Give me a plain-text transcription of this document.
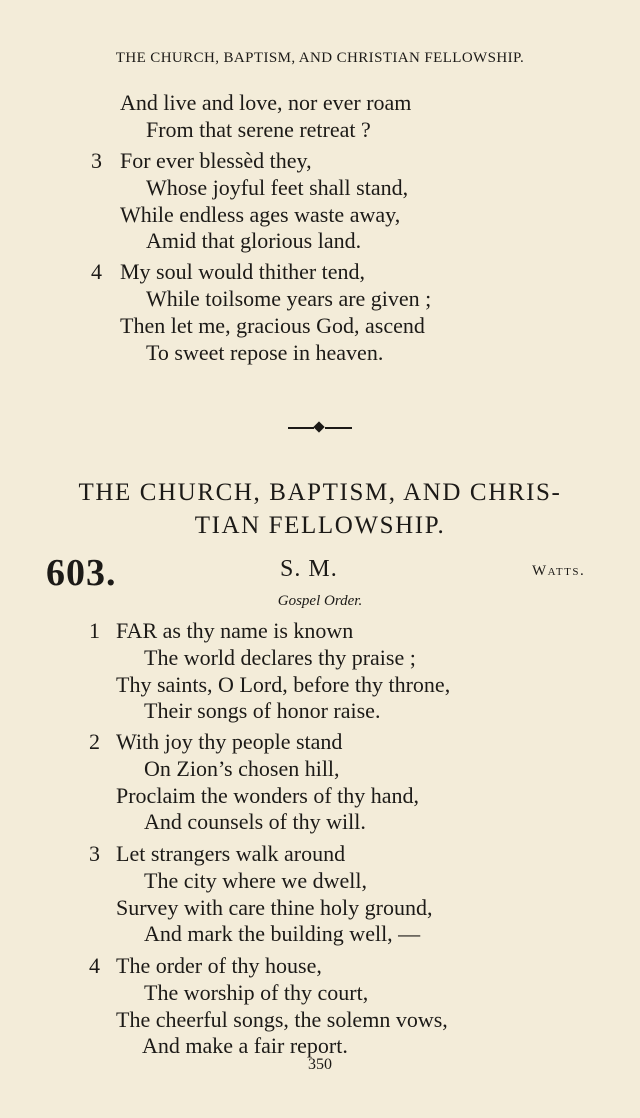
THE CHURCH, BAPTISM, AND CHRISTIAN FELLOWSHIP.
And live and love, nor ever roam
From that serene retreat ?
3 For ever blessèd they,
Whose joyful feet shall stand,
While endless ages waste away,
Amid that glorious land.
4 My soul would thither tend,
While toilsome years are given ;
Then let me, gracious God, ascend
To sweet repose in heaven.
THE CHURCH, BAPTISM, AND CHRIS-
TIAN FELLOWSHIP.
603.	S. M.	Watts.
Gospel Order.
1 FAR as thy name is known
The world declares thy praise ;
Thy saints, O Lord, before thy throne,
Their songs of honor raise.
2 With joy thy people stand
On Zion’s chosen hill,
Proclaim the wonders of thy hand,
And counsels of thy will.
3 Let strangers walk around
The city where we dwell,
Survey with care thine holy ground,
And mark the building well, —
4 The order of thy house,
The worship of thy court,
The cheerful songs, the solemn vows,
And make a fair report.
350
